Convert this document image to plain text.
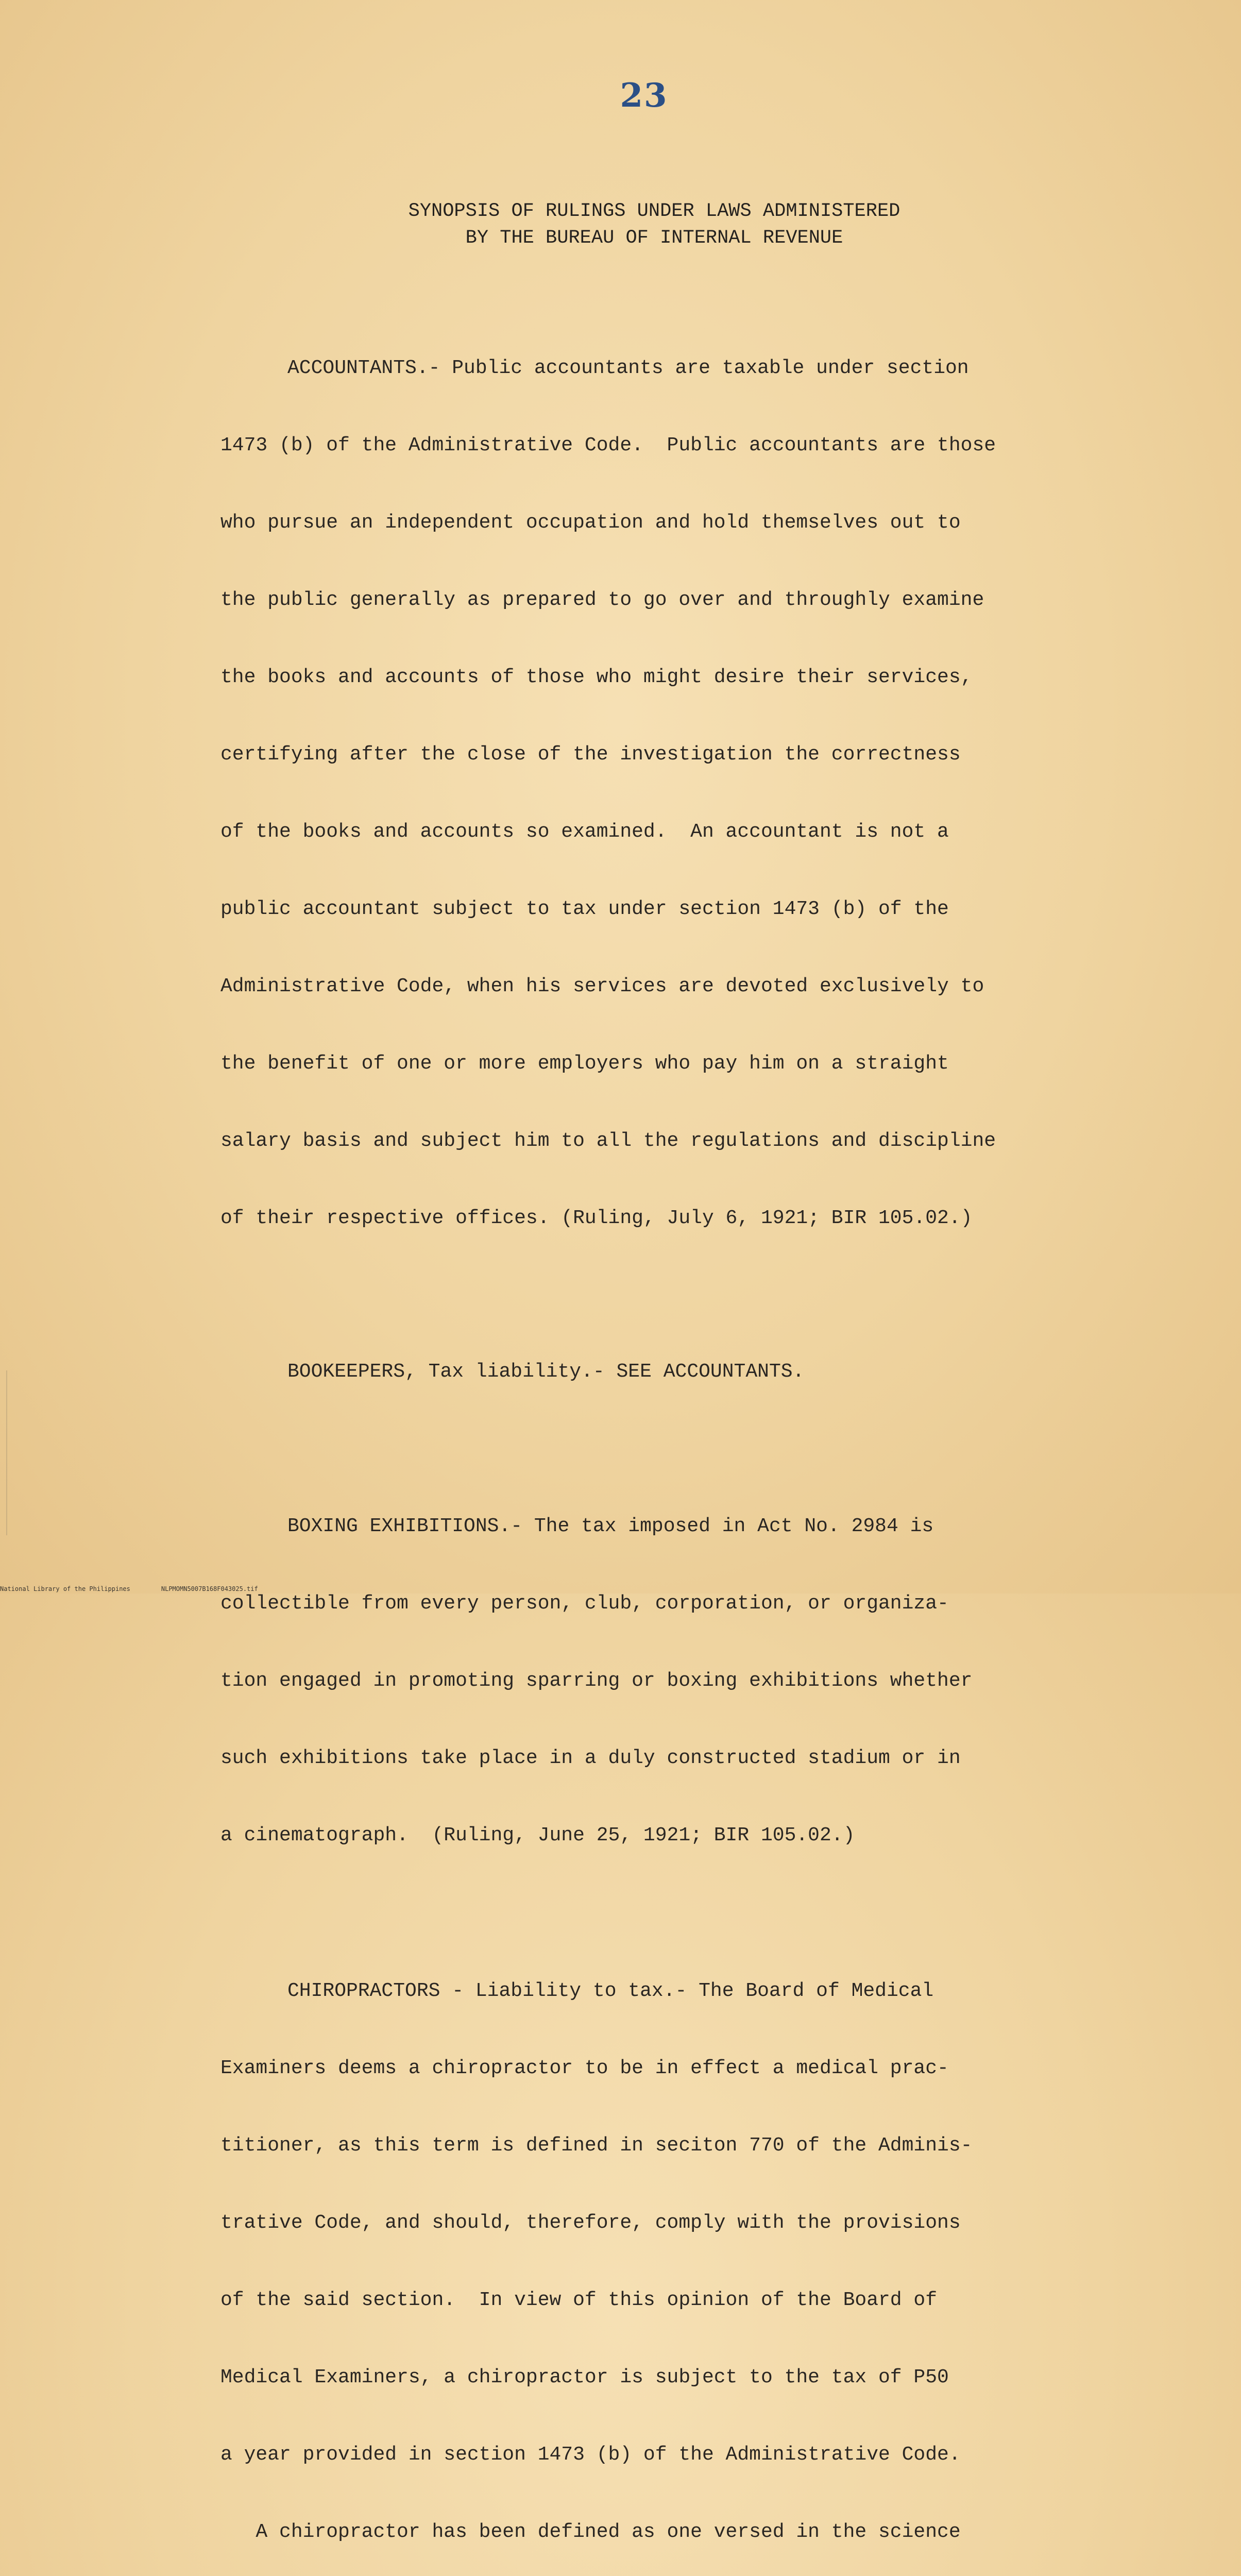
23
SYNOPSIS OF RULINGS UNDER LAWS ADMINISTERED
BY THE BUREAU OF INTERNAL REVENUE

ACCOUNTANTS.- Public accountants are taxable under section

1473 (b) of the Administrative Code.  Public accountants are those

who pursue an independent occupation and hold themselves out to

the public generally as prepared to go over and throughly examine

the books and accounts of those who might desire their services,

certifying after the close of the investigation the correctness

of the books and accounts so examined.  An accountant is not a

public accountant subject to tax under section 1473 (b) of the

Administrative Code, when his services are devoted exclusively to

the benefit of one or more employers who pay him on a straight

salary basis and subject him to all the regulations and discipline

of their respective offices. (Ruling, July 6, 1921; BIR 105.02.)

BOOKEEPERS, Tax liability.- SEE ACCOUNTANTS.

BOXING EXHIBITIONS.- The tax imposed in Act No. 2984 is

collectible from every person, club, corporation, or organiza-

tion engaged in promoting sparring or boxing exhibitions whether

such exhibitions take place in a duly constructed stadium or in

a cinematograph.  (Ruling, June 25, 1921; BIR 105.02.)

CHIROPRACTORS - Liability to tax.- The Board of Medical

Examiners deems a chiropractor to be in effect a medical prac-

titioner, as this term is defined in seciton 770 of the Adminis-

trative Code, and should, therefore, comply with the provisions

of the said section.  In view of this opinion of the Board of

Medical Examiners, a chiropractor is subject to the tax of P50

a year provided in section 1473 (b) of the Administrative Code.

A chiropractor has been defined as one versed in the science

National Library of the Philippines	NLPMOMN5007B168F043025.tif
